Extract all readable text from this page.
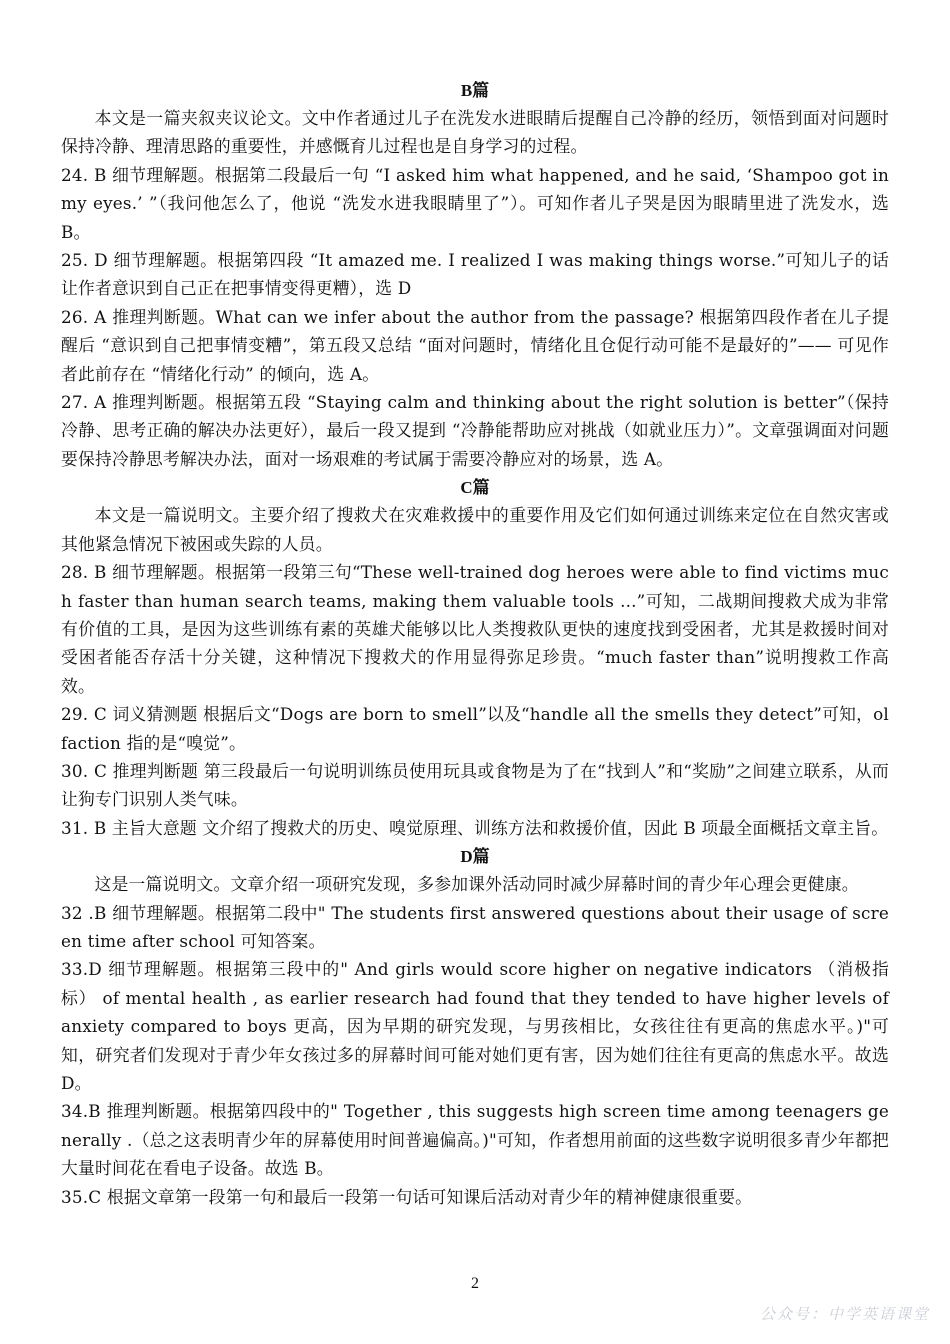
B篇

本文是一篇夹叙夹议论文。文中作者通过儿子在洗发水进眼睛后提醒自己冷静的经历，领悟到面对问题时保持冷静、理清思路的重要性，并感慨育儿过程也是自身学习的过程。

24. B 细节理解题。根据第二段最后一句 “I asked him what happened, and he said, ‘Shampoo got in my eyes.’ ”（我问他怎么了，他说 “洗发水进我眼睛里了”）。可知作者儿子哭是因为眼睛里进了洗发水，选 B。

25. D 细节理解题。根据第四段 “It amazed me. I realized I was making things worse.”可知儿子的话让作者意识到自己正在把事情变得更糟），选 D

26. A 推理判断题。What can we infer about the author from the passage? 根据第四段作者在儿子提醒后 “意识到自己把事情变糟”，第五段又总结 “面对问题时，情绪化且仓促行动可能不是最好的”—— 可见作者此前存在 “情绪化行动” 的倾向，选 A。

27. A 推理判断题。根据第五段 “Staying calm and thinking about the right solution is better”（保持冷静、思考正确的解决办法更好），最后一段又提到 “冷静能帮助应对挑战（如就业压力）”。文章强调面对问题要保持冷静思考解决办法，面对一场艰难的考试属于需要冷静应对的场景，选 A。

C篇

本文是一篇说明文。主要介绍了搜救犬在灾难救援中的重要作用及它们如何通过训练来定位在自然灾害或其他紧急情况下被困或失踪的人员。

28. B 细节理解题。根据第一段第三句“These well-trained dog heroes were able to find victims much faster than human search teams, making them valuable tools ...”可知，二战期间搜救犬成为非常有价值的工具，是因为这些训练有素的英雄犬能够以比人类搜救队更快的速度找到受困者，尤其是救援时间对受困者能否存活十分关键，这种情况下搜救犬的作用显得弥足珍贵。“much faster than”说明搜救工作高效。

29. C 词义猜测题 根据后文“Dogs are born to smell”以及“handle all the smells they detect”可知，olfaction 指的是“嗅觉”。

30. C 推理判断题 第三段最后一句说明训练员使用玩具或食物是为了在“找到人”和“奖励”之间建立联系，从而让狗专门识别人类气味。

31. B 主旨大意题 文介绍了搜救犬的历史、嗅觉原理、训练方法和救援价值，因此 B 项最全面概括文章主旨。

D篇

这是一篇说明文。文章介绍一项研究发现，多参加课外活动同时减少屏幕时间的青少年心理会更健康。

32 .B 细节理解题。根据第二段中" The students first answered questions about their usage of screen time after school 可知答案。

33.D 细节理解题。根据第三段中的" And girls would score higher on negative indicators （消极指标） of mental health , as earlier research had found that they tended to have higher levels of anxiety compared to boys 更高，因为早期的研究发现，与男孩相比，女孩往往有更高的焦虑水平。)"可知，研究者们发现对于青少年女孩过多的屏幕时间可能对她们更有害，因为她们往往有更高的焦虑水平。故选 D。

34.B 推理判断题。根据第四段中的" Together , this suggests high screen time among teenagers generally .（总之这表明青少年的屏幕使用时间普遍偏高。)"可知，作者想用前面的这些数字说明很多青少年都把大量时间花在看电子设备。故选 B。

35.C 根据文章第一段第一句和最后一段第一句话可知课后活动对青少年的精神健康很重要。

2
公众号：中学英语课堂
